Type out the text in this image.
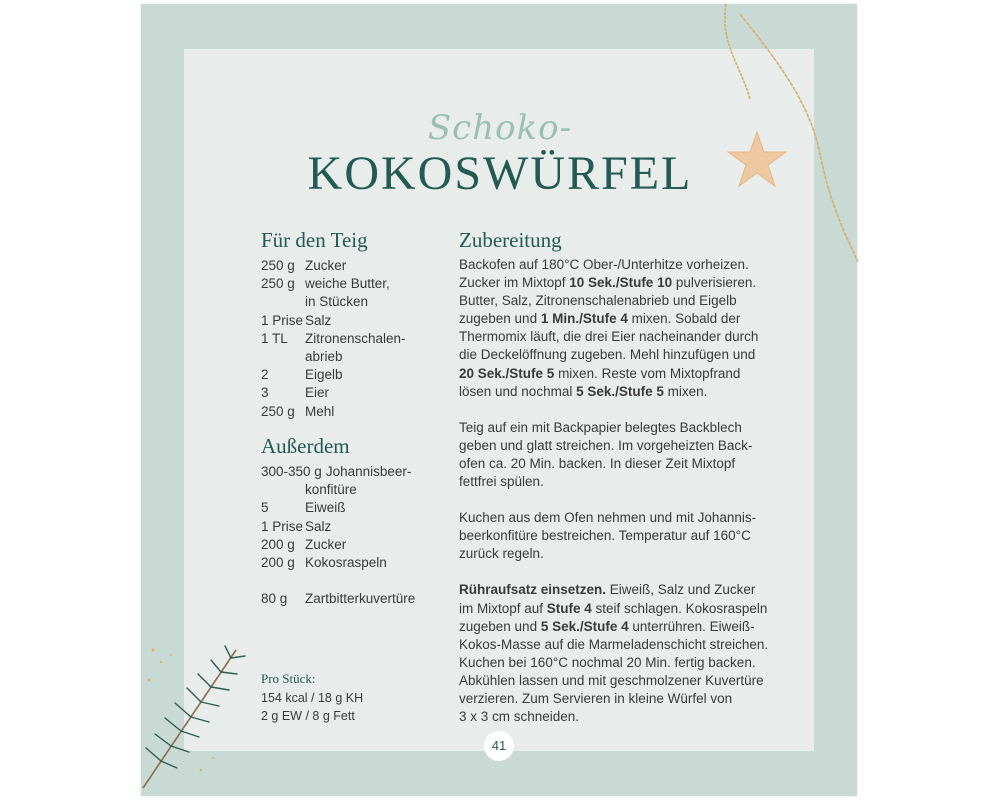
Schoko-
KOKOSWÜRFEL
Für den Teig
250 g Zucker
250 g weiche Butter,
in Stücken
1 Prise Salz
1 TL	Zitronenschalen-
abrieb
2	Eigelb
3	Eier
250 g Mehl
Außerdem
300-350 g Johannisbeer-
konfitüre
5	Eiweiß
1 Prise Salz
200 g Zucker
200 g Kokosraspeln
80 g	Zartbitterkuvertüre
Pro Stück:
154 kcal / 18 g KH
2 g EW / 8 g Fett
Zubereitung
Backofen auf 180°C Ober-/Unterhitze vorheizen.
Zucker im Mixtopf 10 Sek./Stufe 10 pulverisieren.
Butter, Salz, Zitronenschalenabrieb und Eigelb
zugeben und 1 Min./Stufe 4 mixen. Sobald der
Thermomix läuft, die drei Eier nacheinander durch
die Deckelöffnung zugeben. Mehl hinzufügen und
20 Sek./Stufe 5 mixen. Reste vom Mixtopfrand
lösen und nochmal 5 Sek./Stufe 5 mixen.
Teig auf ein mit Backpapier belegtes Backblech
geben und glatt streichen. Im vorgeheizten Back-
ofen ca. 20 Min. backen. In dieser Zeit Mixtopf
fettfrei spülen.
Kuchen aus dem Ofen nehmen und mit Johannis-
beerkonfitüre bestreichen. Temperatur auf 160°C
zurück regeln.
Rühraufsatz einsetzen. Eiweiß, Salz und Zucker
im Mixtopf auf Stufe 4 steif schlagen. Kokosraspeln
zugeben und 5 Sek./Stufe 4 unterrühren. Eiweiß-
Kokos-Masse auf die Marmeladenschicht streichen.
Kuchen bei 160°C nochmal 20 Min. fertig backen.
Abkühlen lassen und mit geschmolzener Kuvertüre
verzieren. Zum Servieren in kleine Würfel von
3 x 3 cm schneiden.
41
